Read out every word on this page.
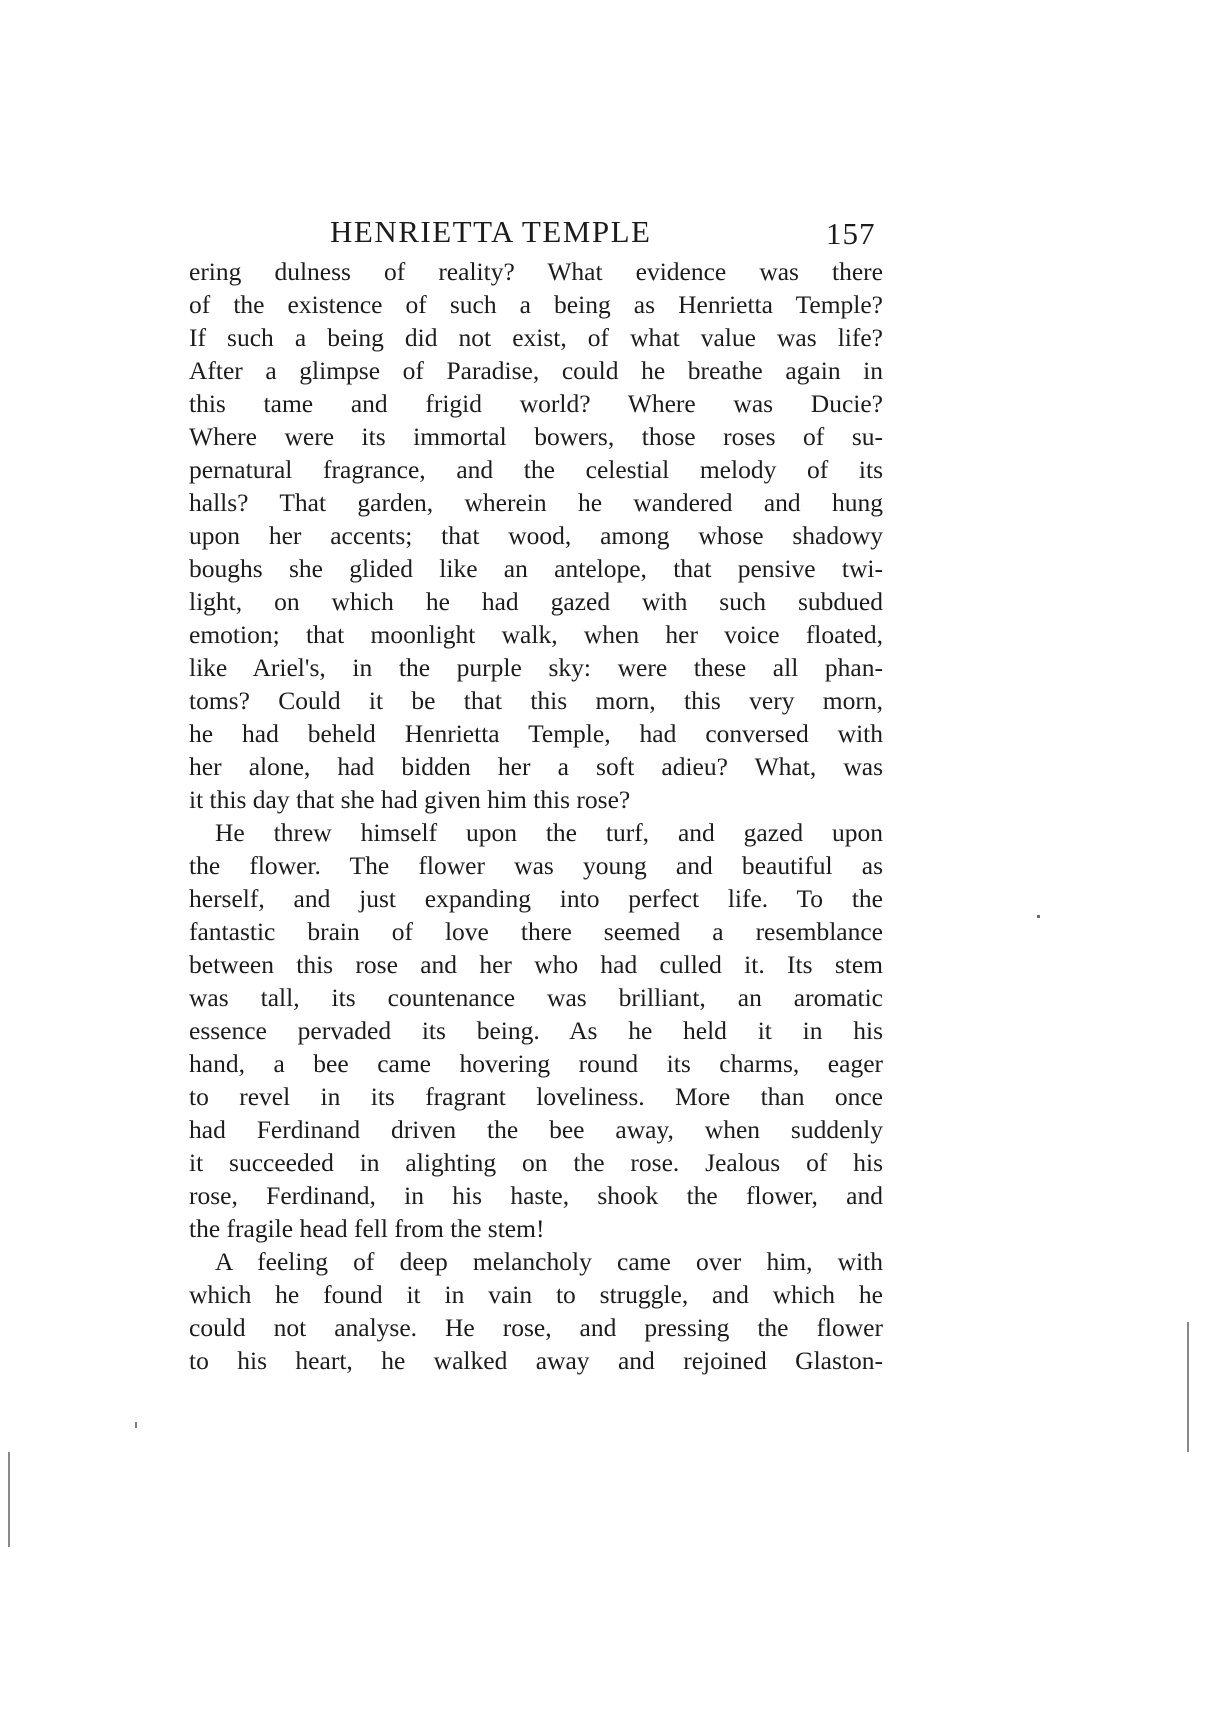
HENRIETTA TEMPLE	157
ering dulness of reality? What evidence was there
of the existence of such a being as Henrietta Temple?
If such a being did not exist, of what value was life?
After a glimpse of Paradise, could he breathe again in
this tame and frigid world? Where was Ducie?
Where were its immortal bowers, those roses of su-
pernatural fragrance, and the celestial melody of its
halls? That garden, wherein he wandered and hung
upon her accents; that wood, among whose shadowy
boughs she glided like an antelope, that pensive twi-
light, on which he had gazed with such subdued
emotion; that moonlight walk, when her voice floated,
like Ariel's, in the purple sky: were these all phan-
toms? Could it be that this morn, this very morn,
he had beheld Henrietta Temple, had conversed with
her alone, had bidden her a soft adieu? What, was
it this day that she had given him this rose?
He threw himself upon the turf, and gazed upon
the flower. The flower was young and beautiful as
herself, and just expanding into perfect life. To the
fantastic brain of love there seemed a resemblance
between this rose and her who had culled it. Its stem
was tall, its countenance was brilliant, an aromatic
essence pervaded its being. As he held it in his
hand, a bee came hovering round its charms, eager
to revel in its fragrant loveliness. More than once
had Ferdinand driven the bee away, when suddenly
it succeeded in alighting on the rose. Jealous of his
rose, Ferdinand, in his haste, shook the flower, and
the fragile head fell from the stem!
A feeling of deep melancholy came over him, with
which he found it in vain to struggle, and which he
could not analyse. He rose, and pressing the flower
to his heart, he walked away and rejoined Glaston-
